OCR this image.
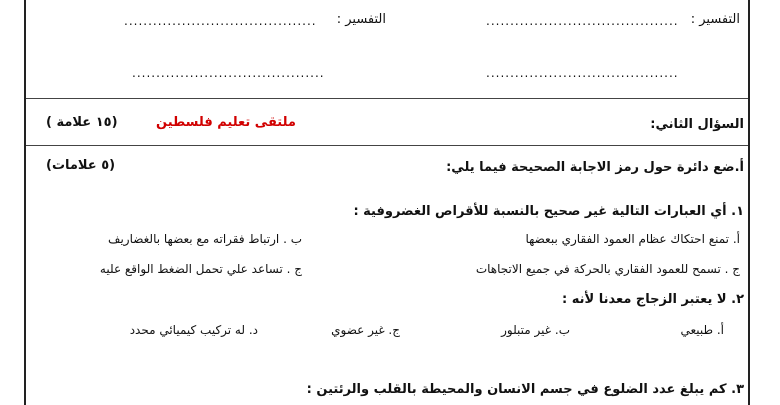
التفسير :
........................................
التفسير :
........................................
........................................
........................................
السؤال الثاني:
ملتقى تعليم فلسطين
(١٥ علامة )
أ.ضع دائرة حول رمز الاجابة الصحيحة فيما يلي:
(٥ علامات)
١. أي العبارات التالية غير صحيح بالنسبة للأقراص الغضروفية :
أ. تمنع احتكاك عظام العمود الفقاري ببعضها
ب . ارتباط فقراته مع بعضها بالغضاريف
ج . تسمح للعمود الفقاري بالحركة في جميع الاتجاهات
ج . تساعد علي تحمل الضغط الواقع عليه
٢. لا يعتبر الزجاج معدنا لأنه :
أ. طبيعي
ب. غير متبلور
ج. غير عضوي
د. له تركيب كيميائي محدد
٣. كم يبلغ عدد الضلوع في جسم الانسان والمحيطة بالقلب والرئتين :
